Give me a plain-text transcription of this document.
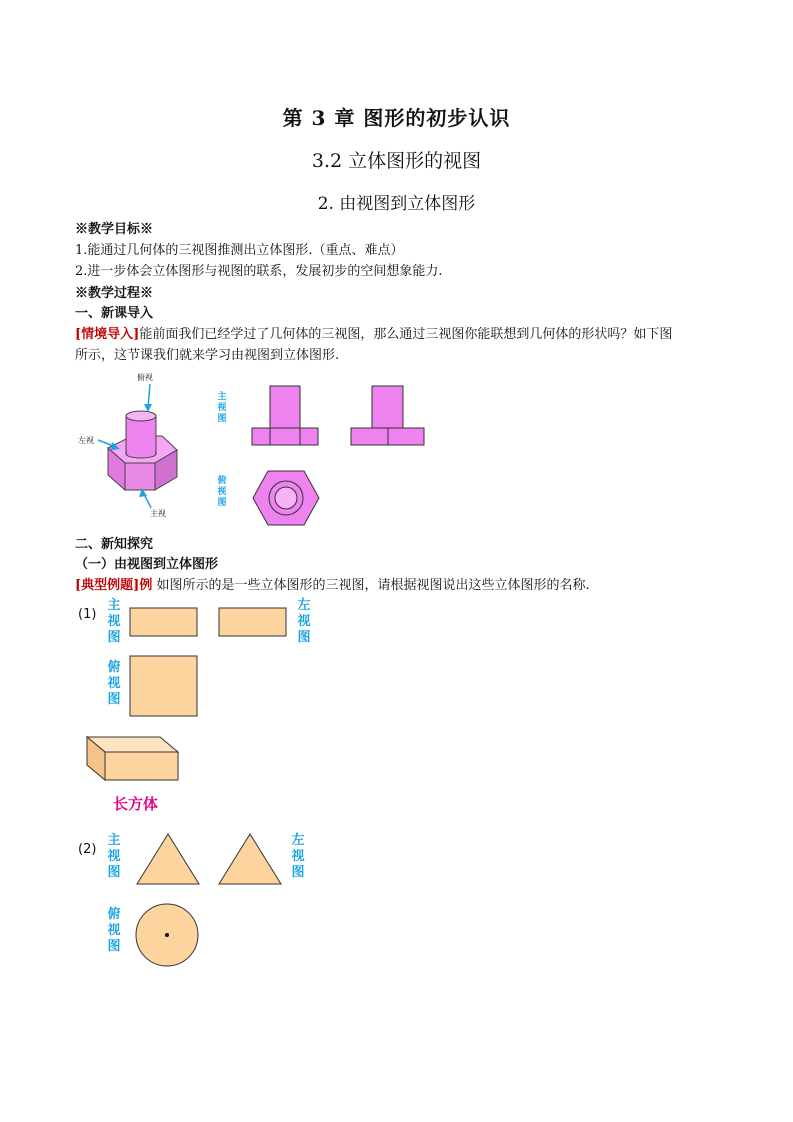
第 3 章 图形的初步认识
3.2 立体图形的视图
2. 由视图到立体图形
※教学目标※
1.能通过几何体的三视图推测出立体图形.（重点、难点）
2.进一步体会立体图形与视图的联系，发展初步的空间想象能力.
※教学过程※
一、新课导入
[情境导入]能前面我们已经学过了几何体的三视图，那么通过三视图你能联想到几何体的形状吗？如下图
所示，这节课我们就来学习由视图到立体图形.
俯视
左视
主视
主视图
俯视图
二、新知探究
（一）由视图到立体图形
[典型例题]例 如图所示的是一些立体图形的三视图，请根据视图说出这些立体图形的名称.
(1)
主视图
左视图
俯视图
长方体
(2)
主视图
左视图
俯视图
